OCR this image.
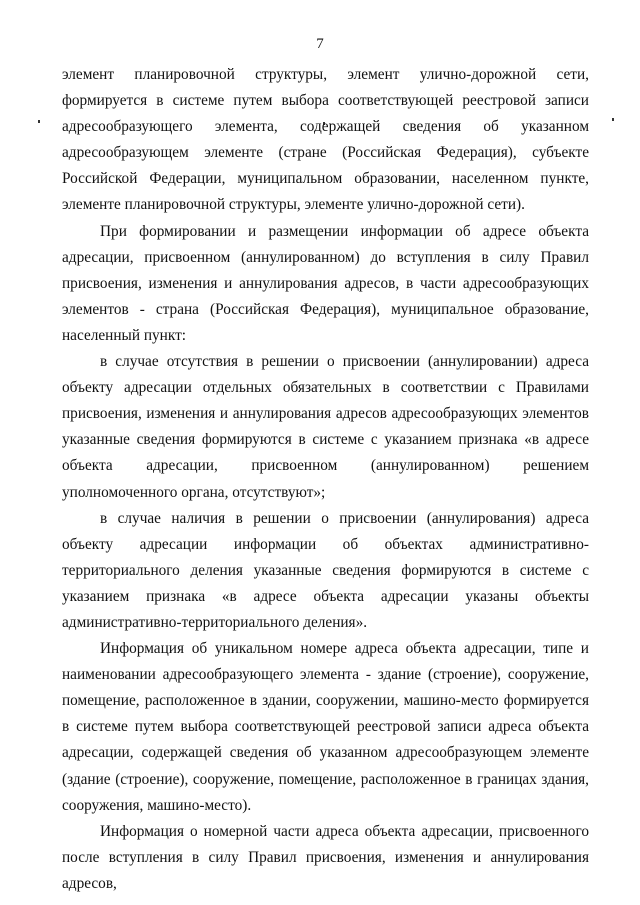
7

элемент планировочной структуры, элемент улично-дорожной сети, формируется в системе путем выбора соответствующей реестровой записи адресообразующего элемента, содержащей сведения об указанном адресообразующем элементе (стране (Российская Федерация), субъекте Российской Федерации, муниципальном образовании, населенном пункте, элементе планировочной структуры, элементе улично-дорожной сети).

При формировании и размещении информации об адресе объекта адресации, присвоенном (аннулированном) до вступления в силу Правил присвоения, изменения и аннулирования адресов, в части адресообразующих элементов - страна (Российская Федерация), муниципальное образование, населенный пункт:

в случае отсутствия в решении о присвоении (аннулировании) адреса объекту адресации отдельных обязательных в соответствии с Правилами присвоения, изменения и аннулирования адресов адресообразующих элементов указанные сведения формируются в системе с указанием признака «в адресе объекта адресации, присвоенном (аннулированном) решением уполномоченного органа, отсутствуют»;

в случае наличия в решении о присвоении (аннулирования) адреса объекту адресации информации об объектах административно-территориального деления указанные сведения формируются в системе с указанием признака «в адресе объекта адресации указаны объекты административно-территориального деления».

Информация об уникальном номере адреса объекта адресации, типе и наименовании адресообразующего элемента - здание (строение), сооружение, помещение, расположенное в здании, сооружении, машино-место формируется в системе путем выбора соответствующей реестровой записи адреса объекта адресации, содержащей сведения об указанном адресообразующем элементе (здание (строение), сооружение, помещение, расположенное в границах здания, сооружения, машино-место).

Информация о номерной части адреса объекта адресации, присвоенного после вступления в силу Правил присвоения, изменения и аннулирования адресов,
